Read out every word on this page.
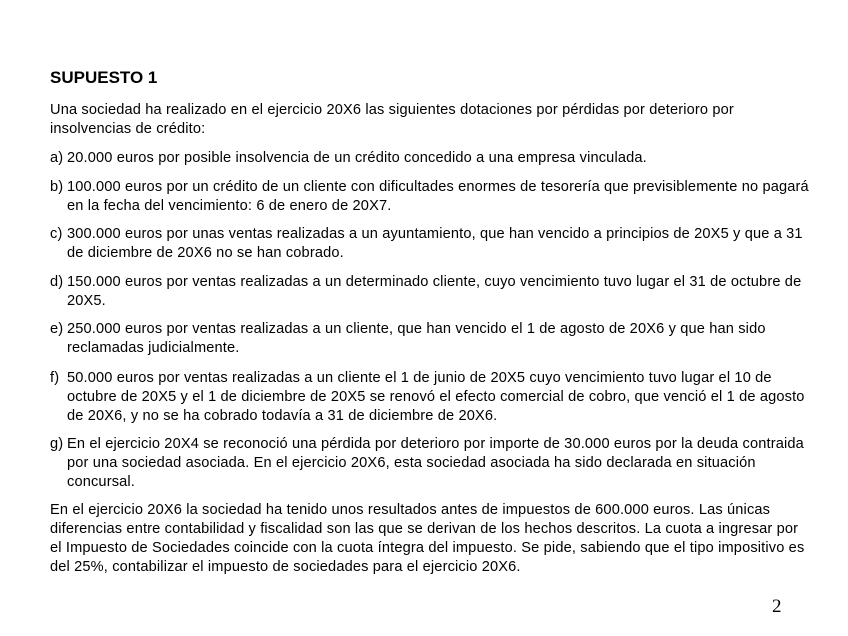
SUPUESTO 1
Una sociedad ha realizado en el ejercicio 20X6 las siguientes dotaciones por pérdidas por deterioro por insolvencias de crédito:
a) 20.000 euros por posible insolvencia de un crédito concedido a una empresa vinculada.
b) 100.000 euros por un crédito de un cliente con dificultades enormes de tesorería que previsiblemente no pagará en la fecha del vencimiento: 6 de enero de 20X7.
c) 300.000 euros por unas ventas realizadas a un ayuntamiento, que han vencido a principios de 20X5 y que a 31 de diciembre de 20X6 no se han cobrado.
d) 150.000 euros por ventas realizadas a un determinado cliente, cuyo vencimiento tuvo lugar el 31 de octubre de 20X5.
e) 250.000 euros por ventas realizadas a un cliente, que han vencido el 1 de agosto de 20X6 y que han sido reclamadas judicialmente.
f) 50.000 euros por ventas realizadas a un cliente el 1 de junio de 20X5 cuyo vencimiento tuvo lugar el 10 de octubre de 20X5 y el 1 de diciembre de 20X5 se renovó el efecto comercial de cobro, que venció el 1 de agosto de 20X6, y no se ha cobrado todavía a 31 de diciembre de 20X6.
g) En el ejercicio 20X4 se reconoció una pérdida por deterioro por importe de 30.000 euros por la deuda contraida por una sociedad asociada. En el ejercicio 20X6, esta sociedad asociada ha sido declarada en situación concursal.
En el ejercicio 20X6 la sociedad ha tenido unos resultados antes de impuestos de 600.000 euros. Las únicas diferencias entre contabilidad y fiscalidad son las que se derivan de los hechos descritos. La cuota a ingresar por el Impuesto de Sociedades coincide con la cuota íntegra del impuesto. Se pide, sabiendo que el tipo impositivo es del 25%, contabilizar el impuesto de sociedades para el ejercicio 20X6.
2
